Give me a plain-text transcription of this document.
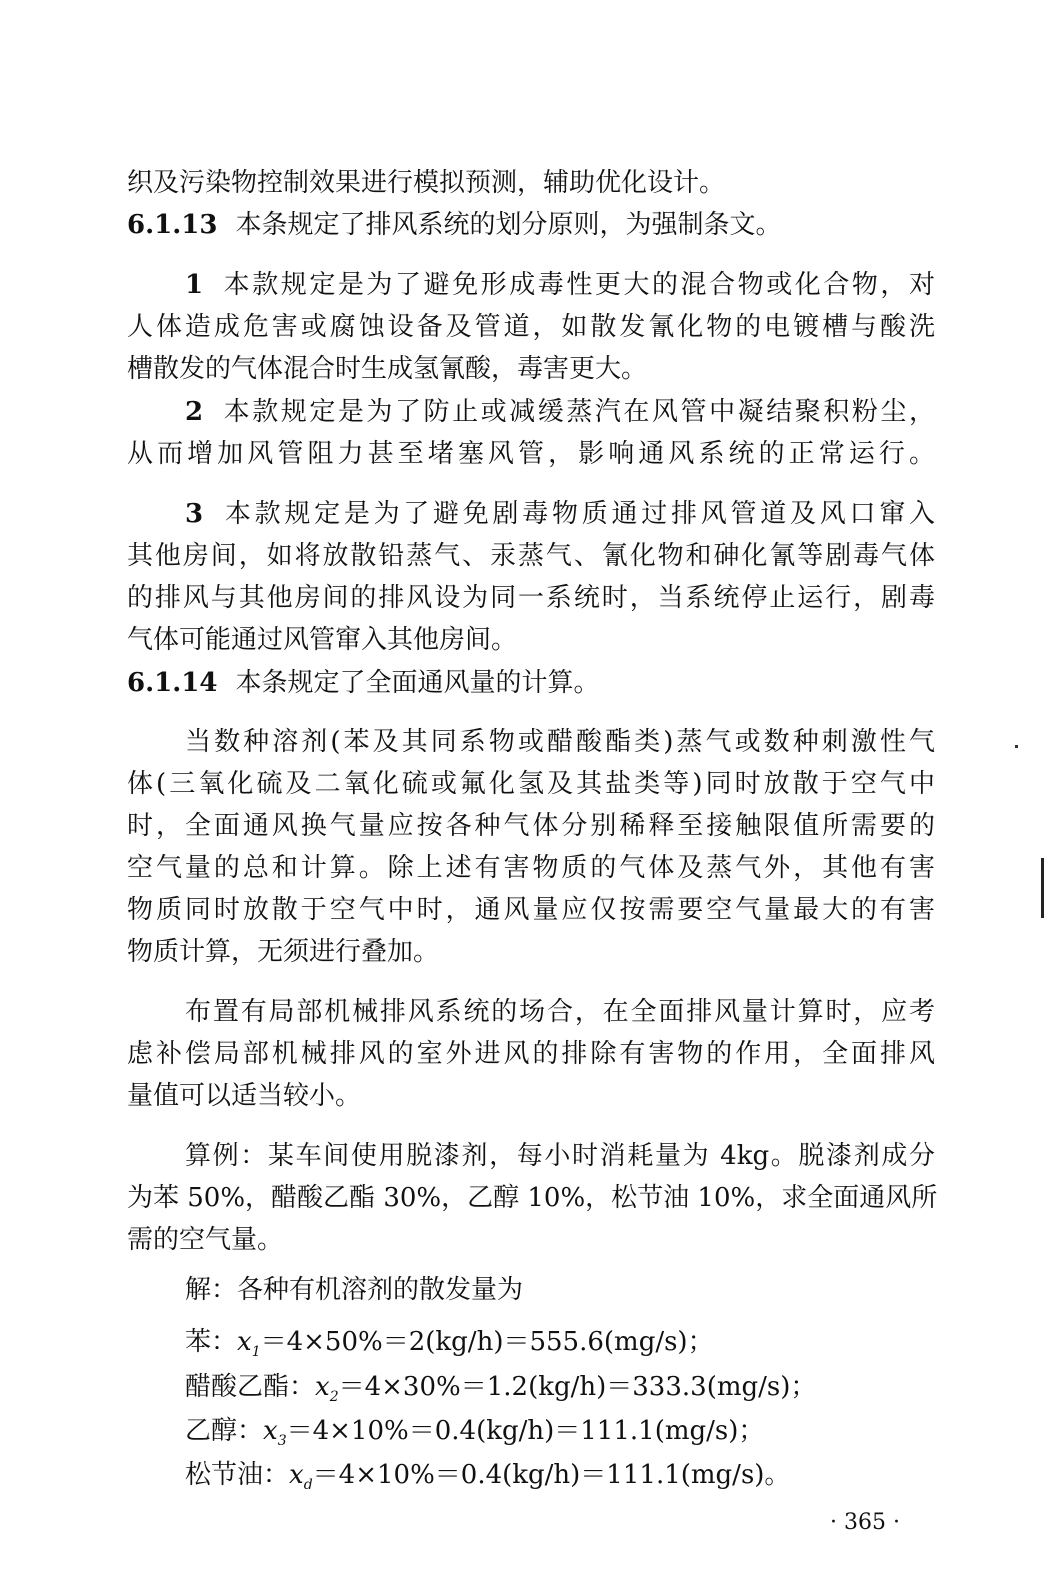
织及污染物控制效果进行模拟预测，辅助优化设计。
6.1.13 本条规定了排风系统的划分原则，为强制条文。
1 本款规定是为了避免形成毒性更大的混合物或化合物，对
人体造成危害或腐蚀设备及管道，如散发氰化物的电镀槽与酸洗
槽散发的气体混合时生成氢氰酸，毒害更大。
2 本款规定是为了防止或减缓蒸汽在风管中凝结聚积粉尘，
从而增加风管阻力甚至堵塞风管，影响通风系统的正常运行。
3 本款规定是为了避免剧毒物质通过排风管道及风口窜入
其他房间，如将放散铅蒸气、汞蒸气、氰化物和砷化氰等剧毒气体
的排风与其他房间的排风设为同一系统时，当系统停止运行，剧毒
气体可能通过风管窜入其他房间。
6.1.14 本条规定了全面通风量的计算。
当数种溶剂(苯及其同系物或醋酸酯类)蒸气或数种刺激性气
体(三氧化硫及二氧化硫或氟化氢及其盐类等)同时放散于空气中
时，全面通风换气量应按各种气体分别稀释至接触限值所需要的
空气量的总和计算。除上述有害物质的气体及蒸气外，其他有害
物质同时放散于空气中时，通风量应仅按需要空气量最大的有害
物质计算，无须进行叠加。
布置有局部机械排风系统的场合，在全面排风量计算时，应考
虑补偿局部机械排风的室外进风的排除有害物的作用，全面排风
量值可以适当较小。
算例：某车间使用脱漆剂，每小时消耗量为 4kg。脱漆剂成分
为苯 50%，醋酸乙酯 30%，乙醇 10%，松节油 10%，求全面通风所
需的空气量。
解：各种有机溶剂的散发量为
苯：$x_1=4\times 50\%=2(kg/h)=555.6(mg/s)$；
醋酸乙酯：$x_2=4\times 30\%=1.2(kg/h)=333.3(mg/s)$；
乙醇：$x_3=4\times 10\%=0.4(kg/h)=111.1(mg/s)$；
松节油：$x_d=4\times 10\%=0.4(kg/h)=111.1(mg/s)$。
· 365 ·
